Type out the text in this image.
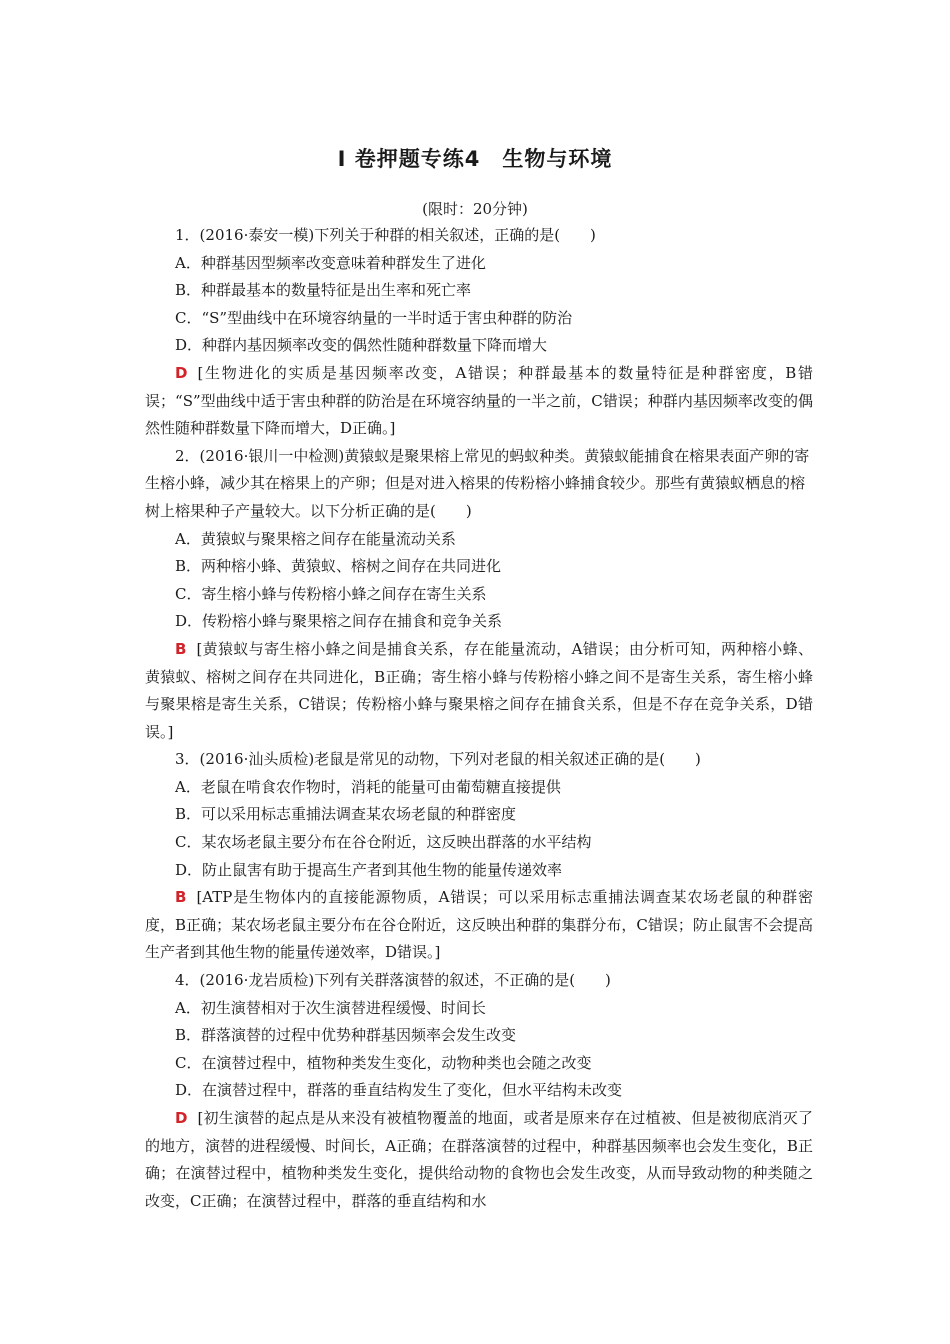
Ⅰ 卷押题专练4　生物与环境
(限时：20分钟)

1．(2016·泰安一模)下列关于种群的相关叙述，正确的是(　　)

A．种群基因型频率改变意味着种群发生了进化

B．种群最基本的数量特征是出生率和死亡率

C．“S”型曲线中在环境容纳量的一半时适于害虫种群的防治

D．种群内基因频率改变的偶然性随种群数量下降而增大

D [生物进化的实质是基因频率改变，A错误；种群最基本的数量特征是种群密度，B错误；“S”型曲线中适于害虫种群的防治是在环境容纳量的一半之前，C错误；种群内基因频率改变的偶然性随种群数量下降而增大，D正确。]

2．(2016·银川一中检测)黄猿蚁是聚果榕上常见的蚂蚁种类。黄猿蚁能捕食在榕果表面产卵的寄生榕小蜂，减少其在榕果上的产卵；但是对进入榕果的传粉榕小蜂捕食较少。那些有黄猿蚁栖息的榕树上榕果种子产量较大。以下分析正确的是(　　)

A．黄猿蚁与聚果榕之间存在能量流动关系

B．两种榕小蜂、黄猿蚁、榕树之间存在共同进化

C．寄生榕小蜂与传粉榕小蜂之间存在寄生关系

D．传粉榕小蜂与聚果榕之间存在捕食和竞争关系

B [黄猿蚁与寄生榕小蜂之间是捕食关系，存在能量流动，A错误；由分析可知，两种榕小蜂、黄猿蚁、榕树之间存在共同进化，B正确；寄生榕小蜂与传粉榕小蜂之间不是寄生关系，寄生榕小蜂与聚果榕是寄生关系，C错误；传粉榕小蜂与聚果榕之间存在捕食关系，但是不存在竞争关系，D错误。]

3．(2016·汕头质检)老鼠是常见的动物，下列对老鼠的相关叙述正确的是(　　)

A．老鼠在啃食农作物时，消耗的能量可由葡萄糖直接提供

B．可以采用标志重捕法调查某农场老鼠的种群密度

C．某农场老鼠主要分布在谷仓附近，这反映出群落的水平结构

D．防止鼠害有助于提高生产者到其他生物的能量传递效率

B [ATP是生物体内的直接能源物质，A错误；可以采用标志重捕法调查某农场老鼠的种群密度，B正确；某农场老鼠主要分布在谷仓附近，这反映出种群的集群分布，C错误；防止鼠害不会提高生产者到其他生物的能量传递效率，D错误。]

4．(2016·龙岩质检)下列有关群落演替的叙述，不正确的是(　　)

A．初生演替相对于次生演替进程缓慢、时间长

B．群落演替的过程中优势种群基因频率会发生改变

C．在演替过程中，植物种类发生变化，动物种类也会随之改变

D．在演替过程中，群落的垂直结构发生了变化，但水平结构未改变

D [初生演替的起点是从来没有被植物覆盖的地面，或者是原来存在过植被、但是被彻底消灭了的地方，演替的进程缓慢、时间长，A正确；在群落演替的过程中，种群基因频率也会发生变化，B正确；在演替过程中，植物种类发生变化，提供给动物的食物也会发生改变，从而导致动物的种类随之改变，C正确；在演替过程中，群落的垂直结构和水
